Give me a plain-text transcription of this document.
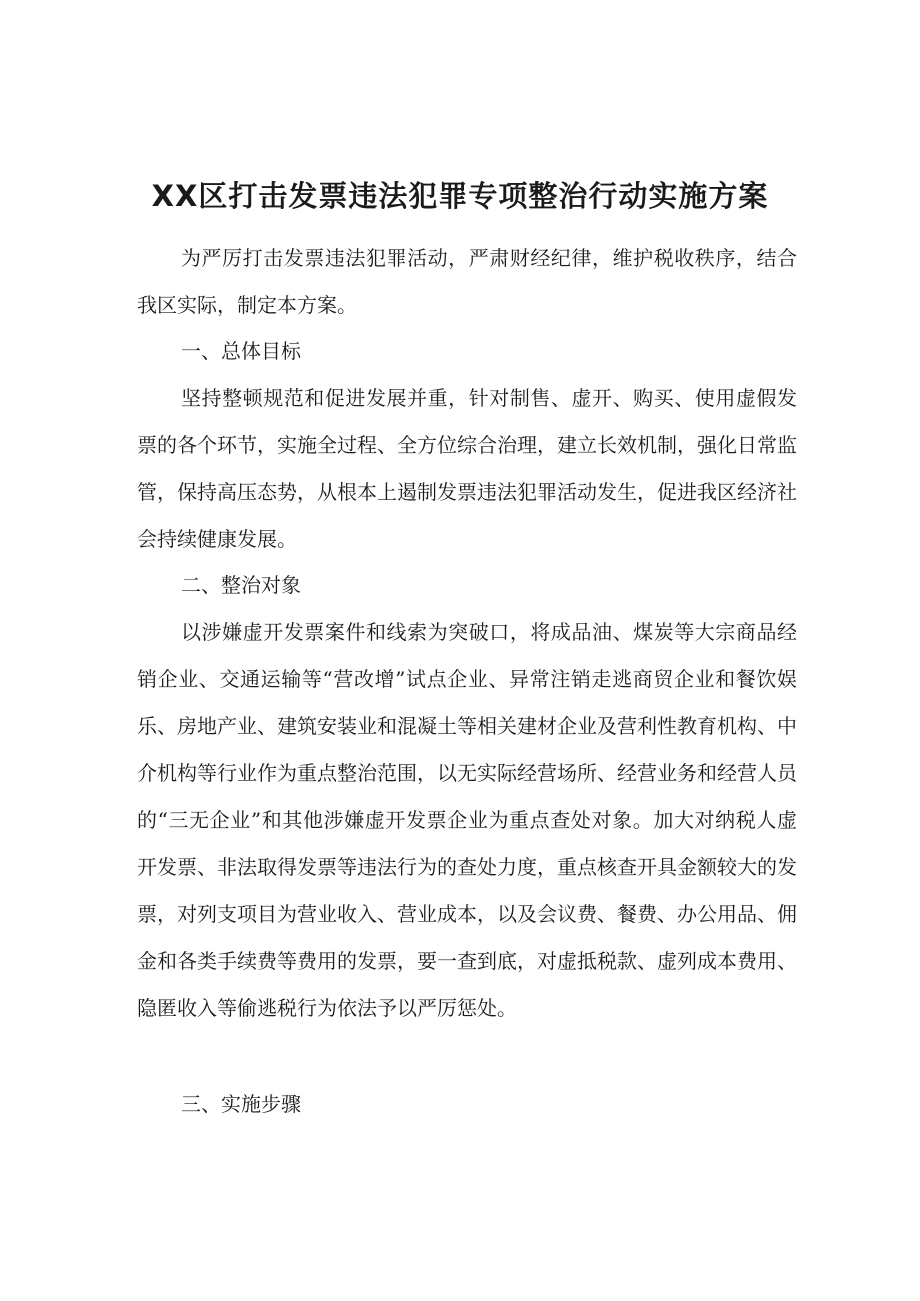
XX区打击发票违法犯罪专项整治行动实施方案

为严厉打击发票违法犯罪活动，严肃财经纪律，维护税收秩序，结合我区实际，制定本方案。

一、总体目标

坚持整顿规范和促进发展并重，针对制售、虚开、购买、使用虚假发票的各个环节，实施全过程、全方位综合治理，建立长效机制，强化日常监管，保持高压态势，从根本上遏制发票违法犯罪活动发生，促进我区经济社会持续健康发展。

二、整治对象

以涉嫌虚开发票案件和线索为突破口，将成品油、煤炭等大宗商品经销企业、交通运输等“营改增”试点企业、异常注销走逃商贸企业和餐饮娱乐、房地产业、建筑安装业和混凝土等相关建材企业及营利性教育机构、中介机构等行业作为重点整治范围，以无实际经营场所、经营业务和经营人员的“三无企业”和其他涉嫌虚开发票企业为重点查处对象。加大对纳税人虚开发票、非法取得发票等违法行为的查处力度，重点核查开具金额较大的发票，对列支项目为营业收入、营业成本，以及会议费、餐费、办公用品、佣金和各类手续费等费用的发票，要一查到底，对虚抵税款、虚列成本费用、隐匿收入等偷逃税行为依法予以严厉惩处。

三、实施步骤
